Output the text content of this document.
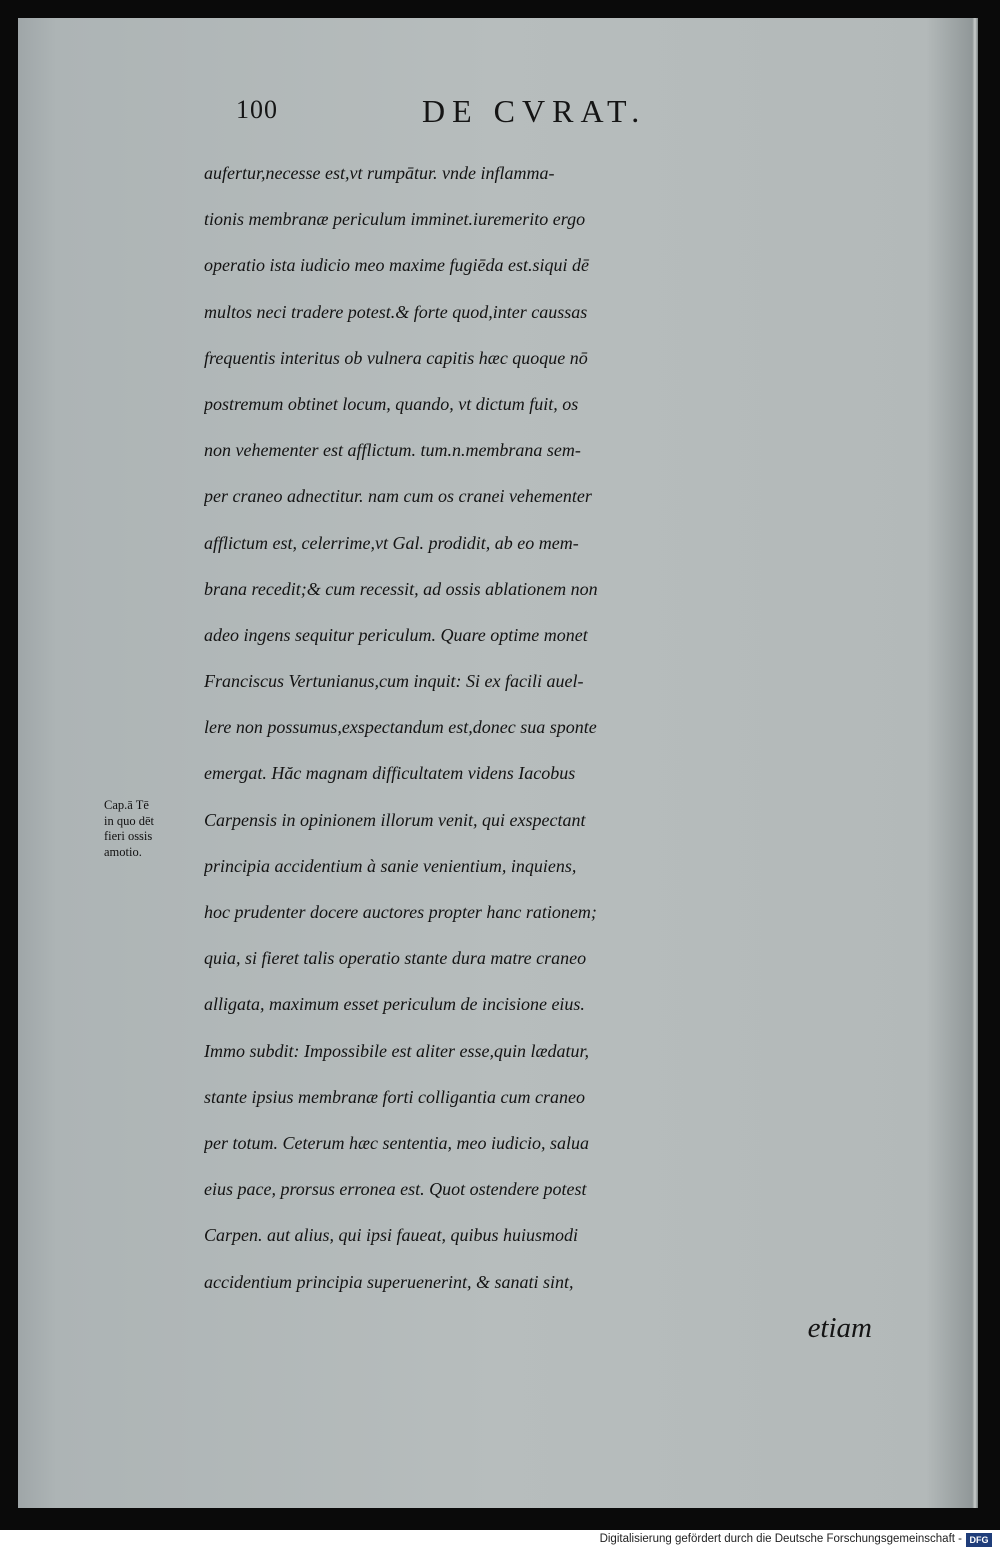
100	DE CVRAT.
Cap.ā Tē
in quo dēt
fieri ossis
amotio.
aufertur,necesse est,vt rumpātur. vnde inflamma-
tionis membranæ periculum imminet.iuremerito ergo
operatio ista iudicio meo maxime fugiēda est.siqui dē
multos neci tradere potest.& forte quod,inter caussas
frequentis interitus ob vulnera capitis hæc quoque nō
postremum obtinet locum, quando, vt dictum fuit, os
non vehementer est afflictum. tum.n.membrana sem-
per craneo adnectitur. nam cum os cranei vehementer
afflictum est, celerrime,vt Gal. prodidit, ab eo mem-
brana recedit;& cum recessit, ad ossis ablationem non
adeo ingens sequitur periculum. Quare optime monet
Franciscus Vertunianus,cum inquit: Si ex facili auel-
lere non possumus,exspectandum est,donec sua sponte
emergat. Hăc magnam difficultatem videns Iacobus
Carpensis in opinionem illorum venit, qui exspectant
principia accidentium à sanie venientium, inquiens,
hoc prudenter docere auctores propter hanc rationem;
quia, si fieret talis operatio stante dura matre craneo
alligata, maximum esset periculum de incisione eius.
Immo subdit: Impossibile est aliter esse,quin lædatur,
stante ipsius membranæ forti colligantia cum craneo
per totum. Ceterum hæc sententia, meo iudicio, salua
eius pace, prorsus erronea est. Quot ostendere potest
Carpen. aut alius, qui ipsi faueat, quibus huiusmodi
accidentium principia superuenerint, & sanati sint,
etiam
Digitalisierung gefördert durch die Deutsche Forschungsgemeinschaft - DFG
